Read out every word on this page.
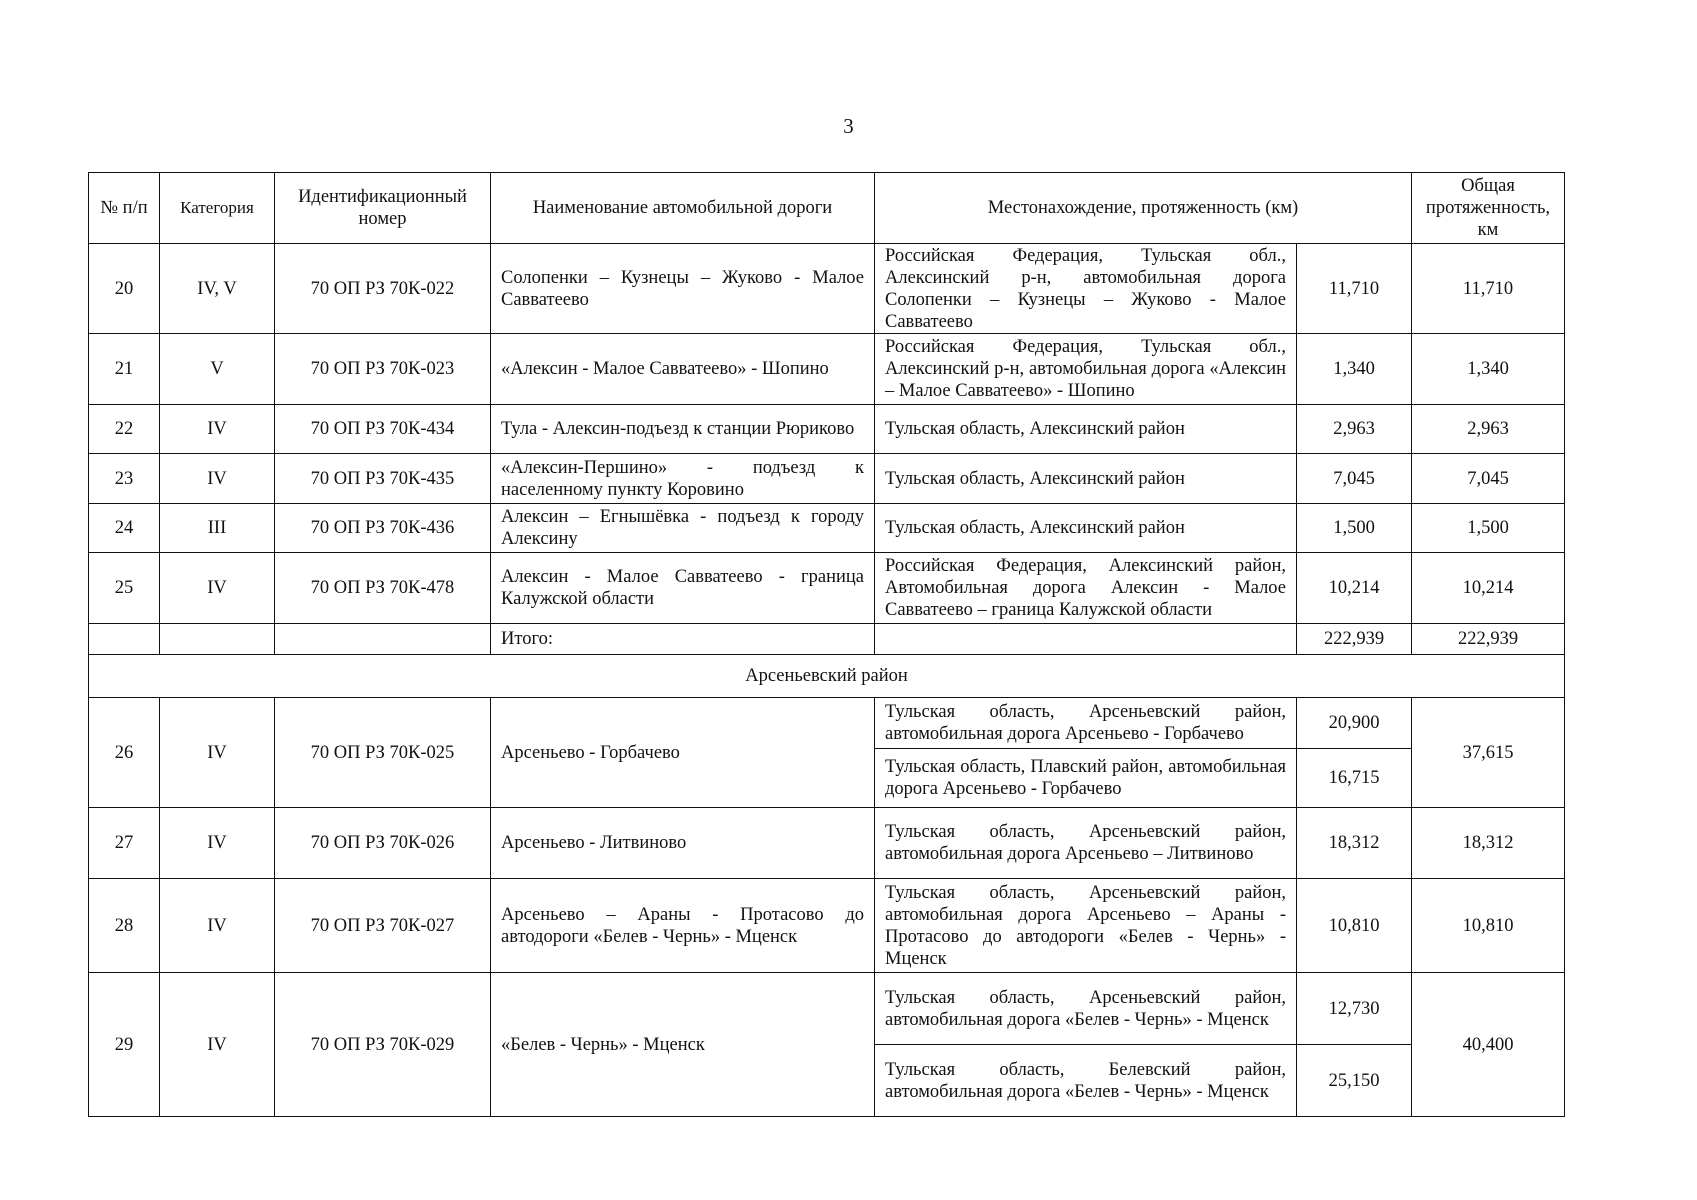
3
№ п/п	Категория	Идентификационный номер	Наименование автомобильной дороги	Местонахождение, протяженность (км)		Общая протяженность, км
20	IV, V	70 ОП РЗ 70К-022	Солопенки – Кузнецы – Жуково - Малое Савватеево	Российская Федерация, Тульская обл., Алексинский р-н, автомобильная дорога Солопенки – Кузнецы – Жуково - Малое Савватеево	11,710	11,710
21	V	70 ОП РЗ 70К-023	«Алексин - Малое Савватеево» - Шопино	Российская Федерация, Тульская обл., Алексинский р-н, автомобильная дорога «Алексин – Малое Савватеево» - Шопино	1,340	1,340
22	IV	70 ОП РЗ 70К-434	Тула - Алексин-подъезд к станции Рюриково	Тульская область, Алексинский район	2,963	2,963
23	IV	70 ОП РЗ 70К-435	«Алексин-Першино» - подъезд к населенному пункту Коровино	Тульская область, Алексинский район	7,045	7,045
24	III	70 ОП РЗ 70К-436	Алексин – Егнышёвка - подъезд к городу Алексину	Тульская область, Алексинский район	1,500	1,500
25	IV	70 ОП РЗ 70К-478	Алексин - Малое Савватеево - граница Калужской области	Российская Федерация, Алексинский район, Автомобильная дорога Алексин - Малое Савватеево – граница Калужской области	10,214	10,214
			Итого:		222,939	222,939
Арсеньевский район						
26	IV	70 ОП РЗ 70К-025	Арсеньево - Горбачево	Тульская область, Арсеньевский район, автомобильная дорога Арсеньево - Горбачево	20,900	37,615
				Тульская область, Плавский район, автомобильная дорога Арсеньево - Горбачево	16,715	
27	IV	70 ОП РЗ 70К-026	Арсеньево - Литвиново	Тульская область, Арсеньевский район, автомобильная дорога Арсеньево – Литвиново	18,312	18,312
28	IV	70 ОП РЗ 70К-027	Арсеньево – Араны - Протасово до автодороги «Белев - Чернь» - Мценск	Тульская область, Арсеньевский район, автомобильная дорога Арсеньево – Араны - Протасово до автодороги «Белев - Чернь» - Мценск	10,810	10,810
29	IV	70 ОП РЗ 70К-029	«Белев - Чернь» - Мценск	Тульская область, Арсеньевский район, автомобильная дорога «Белев - Чернь» - Мценск	12,730	40,400
				Тульская область, Белевский район, автомобильная дорога «Белев - Чернь» - Мценск	25,150	
